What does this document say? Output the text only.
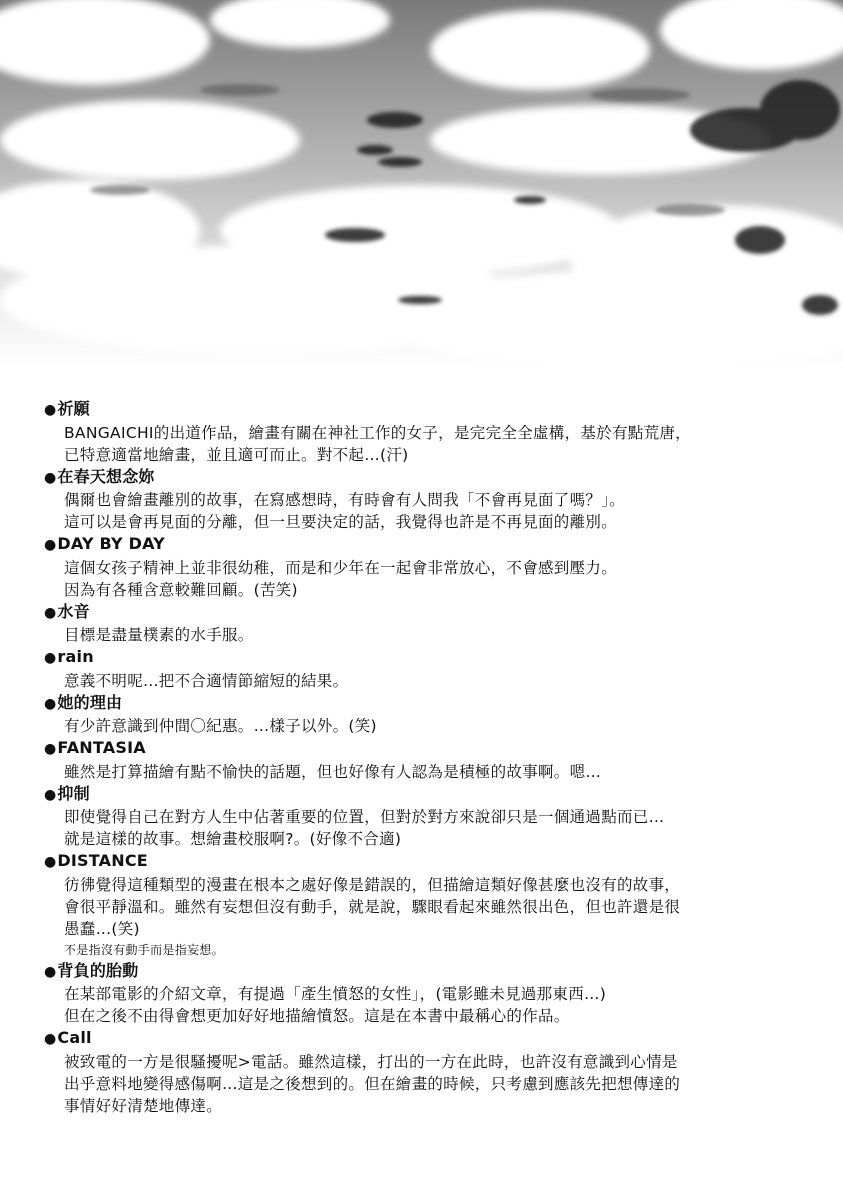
●祈願
BANGAICHI的出道作品，繪畫有關在神社工作的女子，是完完全全虛構，基於有點荒唐，
已特意適當地繪畫，並且適可而止。對不起…(汗)
●在春天想念妳
偶爾也會繪畫離別的故事，在寫感想時，有時會有人問我「不會再見面了嗎？」。
這可以是會再見面的分離，但一旦要決定的話，我覺得也許是不再見面的離別。
●DAY BY DAY
這個女孩子精神上並非很幼稚，而是和少年在一起會非常放心，不會感到壓力。
因為有各種含意較難回顧。(苦笑)
●水音
目標是盡量樸素的水手服。
●rain
意義不明呢…把不合適情節縮短的結果。
●她的理由
有少許意識到仲間〇紀惠。…樣子以外。(笑)
●FANTASIA
雖然是打算描繪有點不愉快的話題，但也好像有人認為是積極的故事啊。嗯…
●抑制
即使覺得自己在對方人生中佔著重要的位置，但對於對方來說卻只是一個通過點而已…
就是這樣的故事。想繪畫校服啊?。(好像不合適)
●DISTANCE
彷彿覺得這種類型的漫畫在根本之處好像是錯誤的，但描繪這類好像甚麼也沒有的故事，
會很平靜溫和。雖然有妄想但沒有動手，就是說，驟眼看起來雖然很出色，但也許還是很
愚蠢…(笑)
不是指沒有動手而是指妄想。
●背負的胎動
在某部電影的介紹文章，有提過「產生憤怒的女性」，(電影雖未見過那東西…)
但在之後不由得會想更加好好地描繪憤怒。這是在本書中最稱心的作品。
●Call
被致電的一方是很騷擾呢>電話。雖然這樣，打出的一方在此時，也許沒有意識到心情是
出乎意料地變得感傷啊…這是之後想到的。但在繪畫的時候，只考慮到應該先把想傳達的
事情好好清楚地傳達。
